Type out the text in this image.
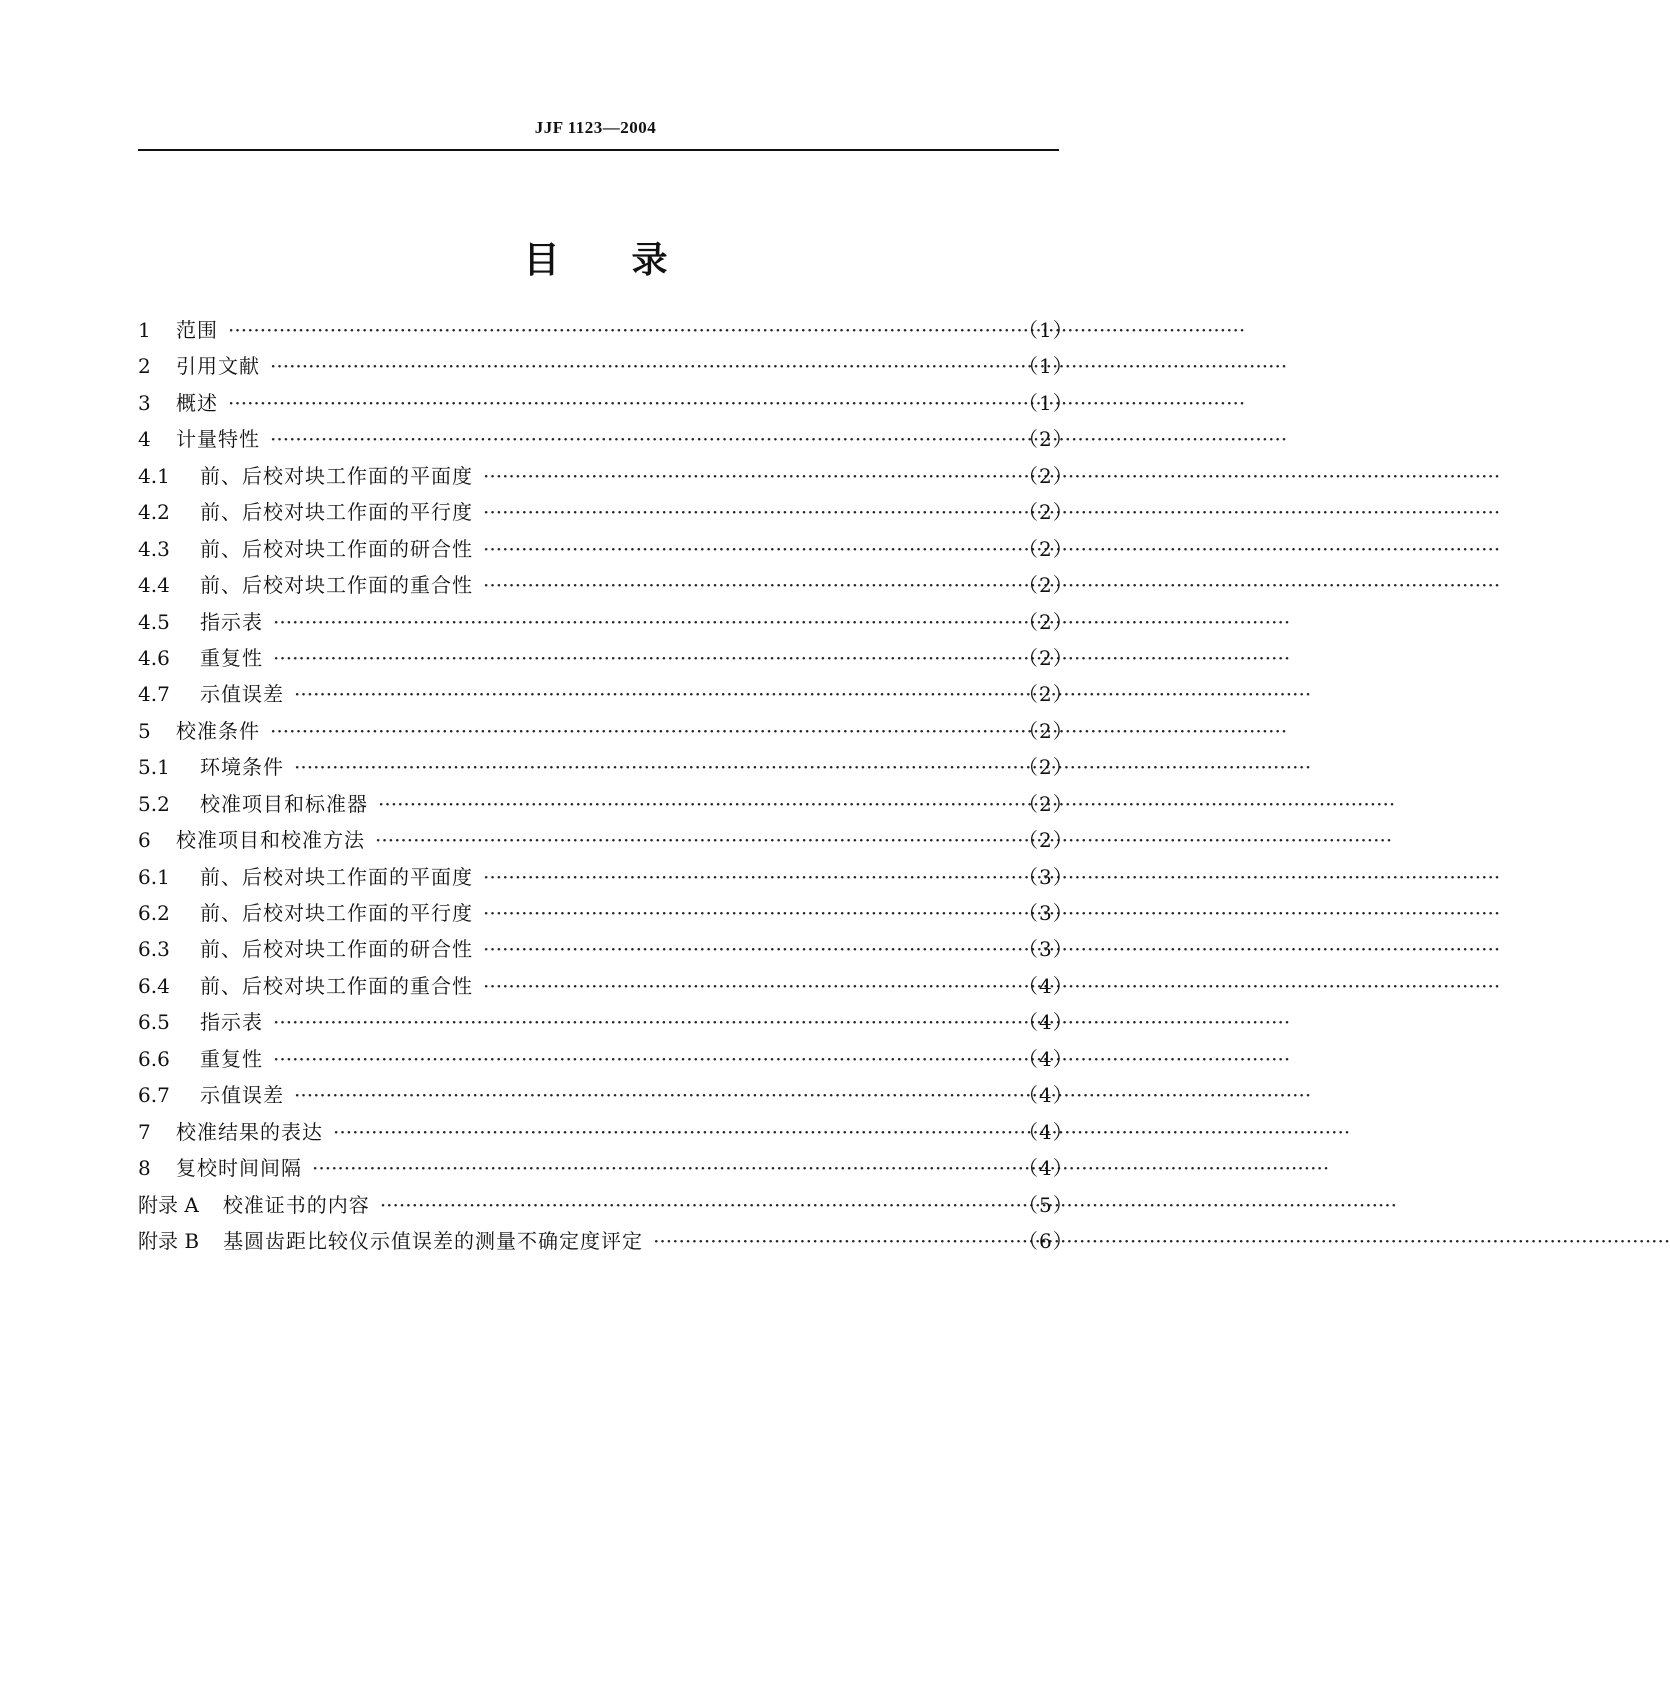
JJF 1123—2004
目 录
1	范围 ·····	（1）
2	引用文献 ·····	（1）
3	概述 ·····	（1）
4	计量特性 ·····	（2）
4.1	前、后校对块工作面的平面度 ·····	（2）
4.2	前、后校对块工作面的平行度 ·····	（2）
4.3	前、后校对块工作面的研合性 ·····	（2）
4.4	前、后校对块工作面的重合性 ·····	（2）
4.5	指示表 ·····	（2）
4.6	重复性 ·····	（2）
4.7	示值误差 ·····	（2）
5	校准条件 ·····	（2）
5.1	环境条件 ·····	（2）
5.2	校准项目和标准器 ·····	（2）
6	校准项目和校准方法 ·····	（2）
6.1	前、后校对块工作面的平面度 ·····	（3）
6.2	前、后校对块工作面的平行度 ·····	（3）
6.3	前、后校对块工作面的研合性 ·····	（3）
6.4	前、后校对块工作面的重合性 ·····	（4）
6.5	指示表 ·····	（4）
6.6	重复性 ·····	（4）
6.7	示值误差 ·····	（4）
7	校准结果的表达 ·····	（4）
8	复校时间间隔 ·····	（4）
附录 A 校准证书的内容 ·····	（5）
附录 B 基圆齿距比较仪示值误差的测量不确定度评定 ·····	（6）
